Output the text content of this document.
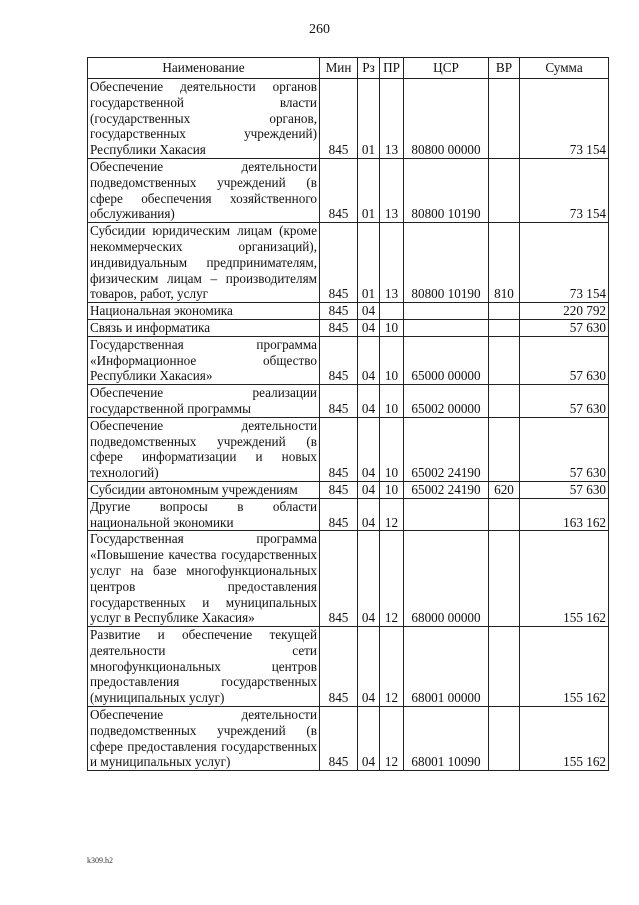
260
Наименование	Мин	Рз	ПР	ЦСР	ВР	Сумма
Обеспечение деятельности органов государственной власти (государственных органов, государственных учреждений) Республики Хакасия	845	01	13	80800 00000		73 154
Обеспечение деятельности подведомственных учреждений (в сфере обеспечения хозяйственного обслуживания)	845	01	13	80800 10190		73 154
Субсидии юридическим лицам (кроме некоммерческих организаций), индивидуальным предпринимателям, физическим лицам – производителям товаров, работ, услуг	845	01	13	80800 10190	810	73 154
Национальная экономика	845	04				220 792
Связь и информатика	845	04	10			57 630
Государственная программа «Информационное общество Республики Хакасия»	845	04	10	65000 00000		57 630
Обеспечение реализации государственной программы	845	04	10	65002 00000		57 630
Обеспечение деятельности подведомственных учреждений (в сфере информатизации и новых технологий)	845	04	10	65002 24190		57 630
Субсидии автономным учреждениям	845	04	10	65002 24190	620	57 630
Другие вопросы в области национальной экономики	845	04	12			163 162
Государственная программа «Повышение качества государственных услуг на базе многофункциональных центров предоставления государственных и муниципальных услуг в Республике Хакасия»	845	04	12	68000 00000		155 162
Развитие и обеспечение текущей деятельности сети многофункциональных центров предоставления государственных (муниципальных услуг)	845	04	12	68001 00000		155 162
Обеспечение деятельности подведомственных учреждений (в сфере предоставления государственных и муниципальных услуг)	845	04	12	68001 10090		155 162
k309.h2
